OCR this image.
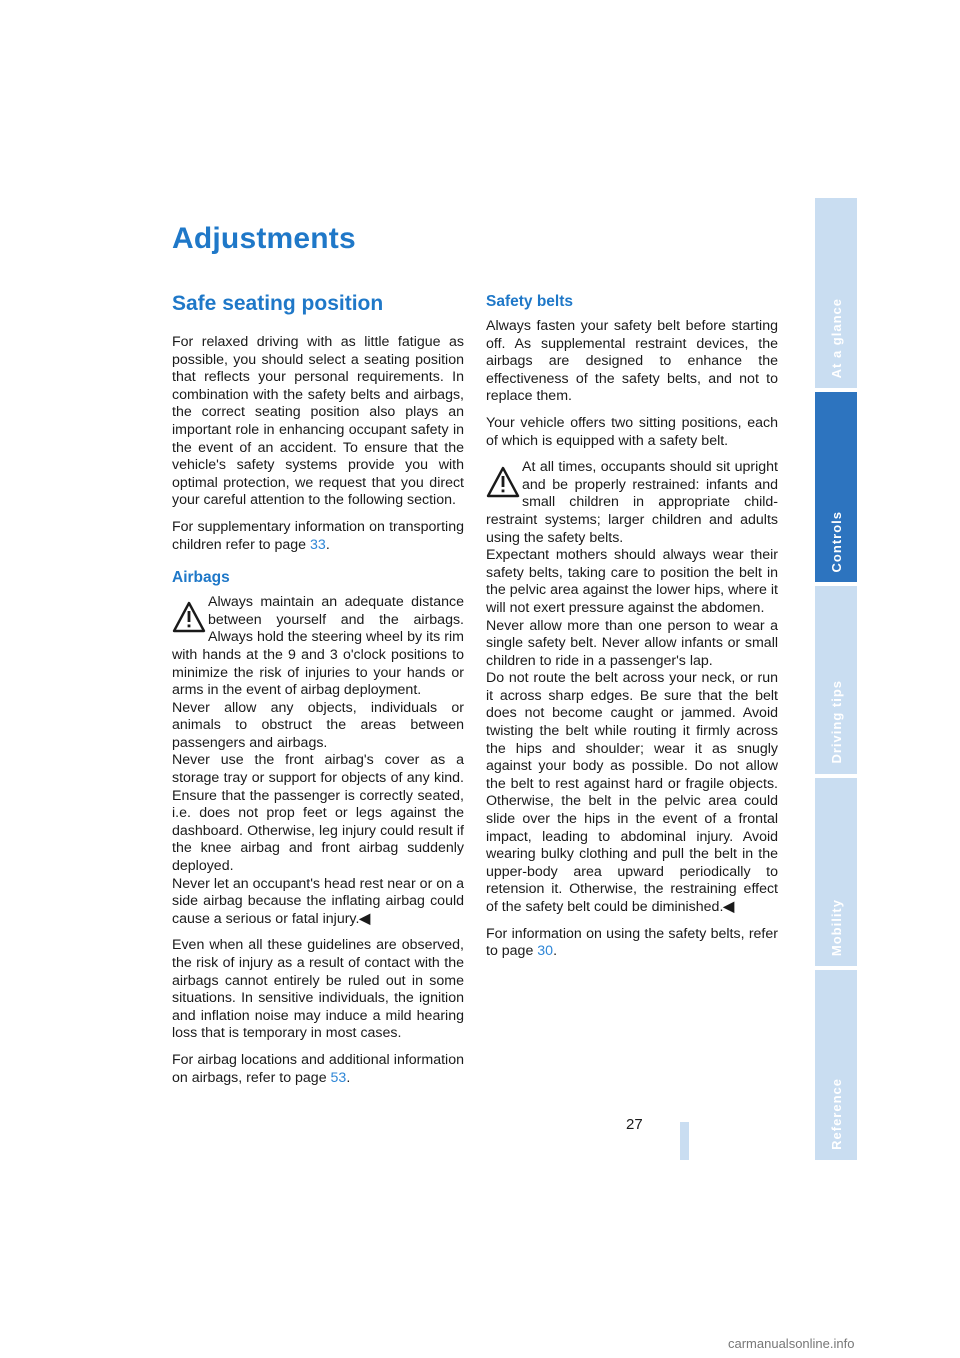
Adjustments
Safe seating position

For relaxed driving with as little fatigue as possible, you should select a seating position that reflects your personal requirements. In combination with the safety belts and airbags, the correct seating position also plays an important role in enhancing occupant safety in the event of an accident. To ensure that the vehicle's safety systems provide you with optimal protection, we request that you direct your careful attention to the following section.

For supplementary information on transporting children refer to page 33.

Airbags

Always maintain an adequate distance between yourself and the airbags. Always hold the steering wheel by its rim with hands at the 9 and 3 o'clock positions to minimize the risk of injuries to your hands or arms in the event of airbag deployment.

Never allow any objects, individuals or animals to obstruct the areas between passengers and airbags.

Never use the front airbag's cover as a storage tray or support for objects of any kind. Ensure that the passenger is correctly seated, i.e. does not prop feet or legs against the dashboard. Otherwise, leg injury could result if the knee airbag and front airbag suddenly deployed.

Never let an occupant's head rest near or on a side airbag because the inflating airbag could cause a serious or fatal injury.◀

Even when all these guidelines are observed, the risk of injury as a result of contact with the airbags cannot entirely be ruled out in some situations. In sensitive individuals, the ignition and inflation noise may induce a mild hearing loss that is temporary in most cases.

For airbag locations and additional information on airbags, refer to page 53.

Safety belts

Always fasten your safety belt before starting off. As supplemental restraint devices, the airbags are designed to enhance the effectiveness of the safety belts, and not to replace them.

Your vehicle offers two sitting positions, each of which is equipped with a safety belt.

At all times, occupants should sit upright and be properly restrained: infants and small children in appropriate child-restraint systems; larger children and adults using the safety belts.

Expectant mothers should always wear their safety belts, taking care to position the belt in the pelvic area against the lower hips, where it will not exert pressure against the abdomen.

Never allow more than one person to wear a single safety belt. Never allow infants or small children to ride in a passenger's lap.

Do not route the belt across your neck, or run it across sharp edges. Be sure that the belt does not become caught or jammed. Avoid twisting the belt while routing it firmly across the hips and shoulder; wear it as snugly against your body as possible. Do not allow the belt to rest against hard or fragile objects. Otherwise, the belt in the pelvic area could slide over the hips in the event of a frontal impact, leading to abdominal injury. Avoid wearing bulky clothing and pull the belt in the upper-body area upward periodically to retension it. Otherwise, the restraining effect of the safety belt could be diminished.◀

For information on using the safety belts, refer to page 30.

At a glance
Controls
Driving tips
Mobility
Reference
27
carmanualsonline.info
